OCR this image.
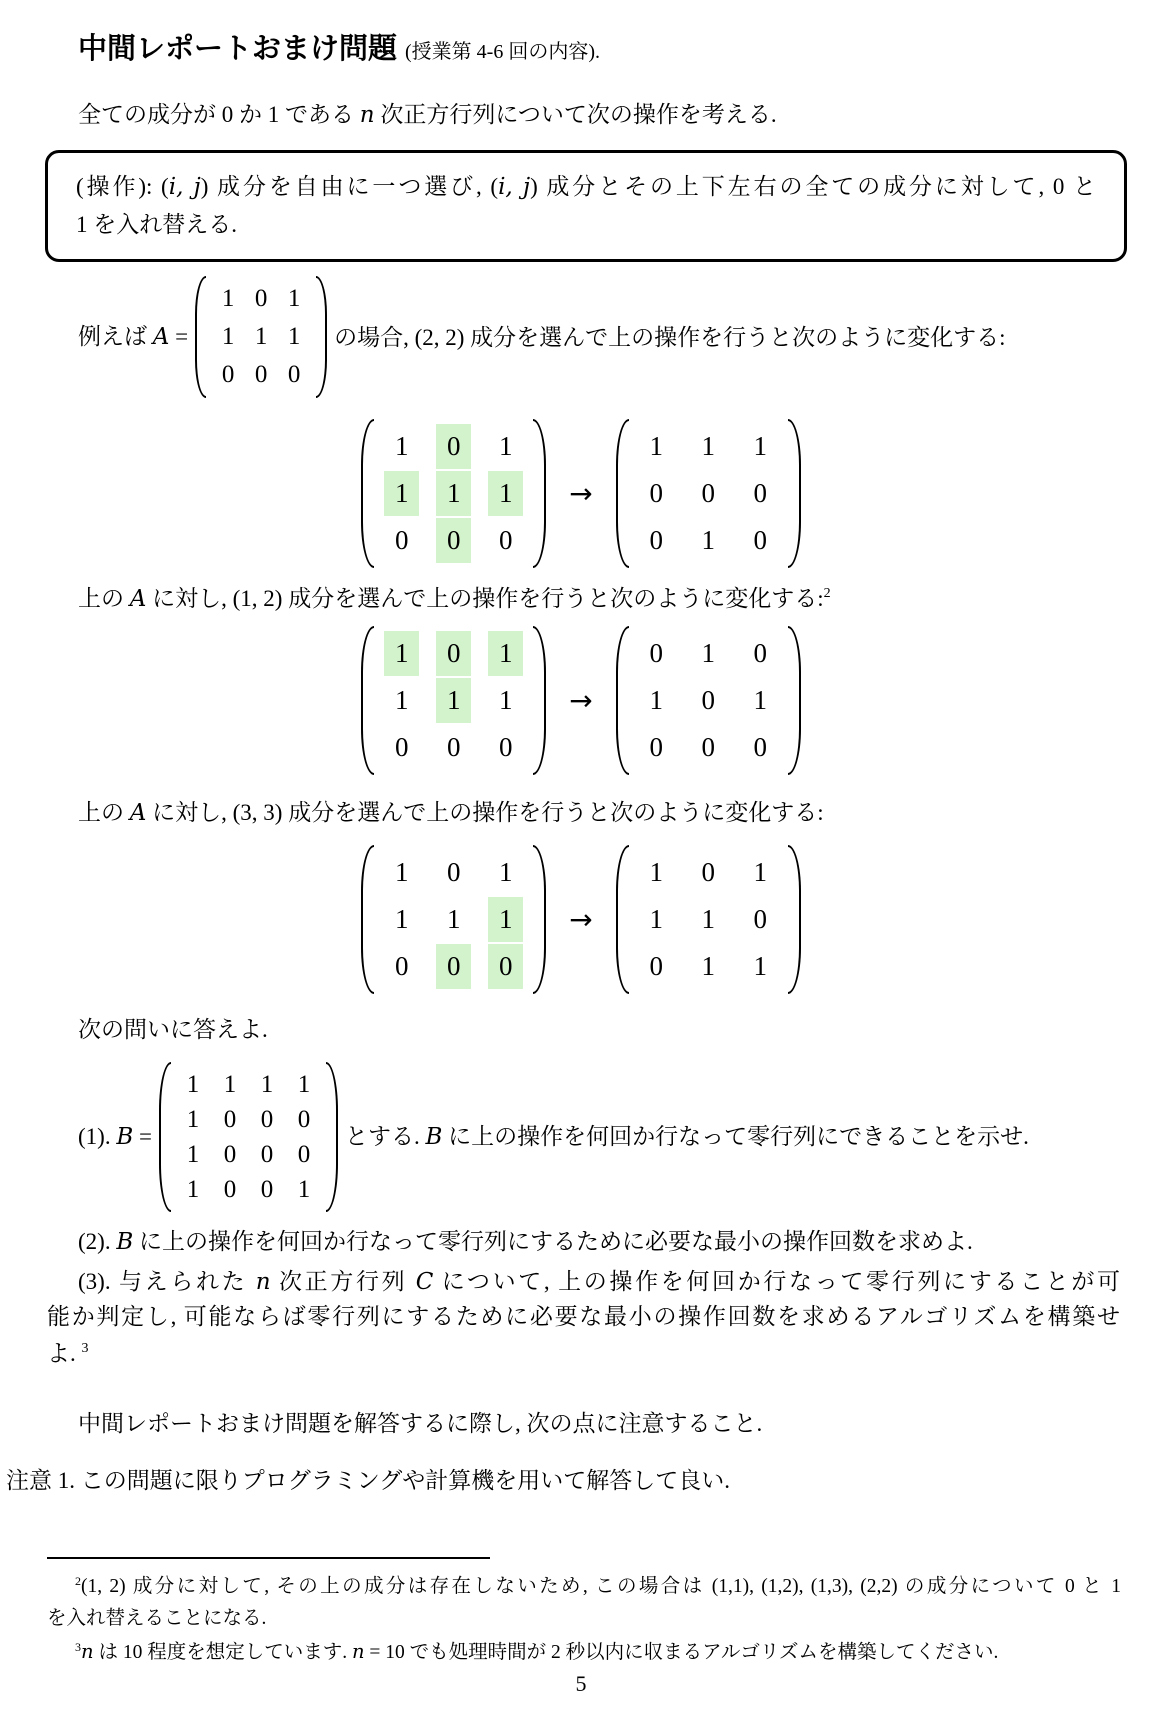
中間レポートおまけ問題 (授業第 4-6 回の内容).
全ての成分が 0 か 1 である n 次正方行列について次の操作を考える.
(操作): (i, j) 成分を自由に一つ選び, (i, j) 成分とその上下左右の全ての成分に対して, 0 と
1 を入れ替える.
例えば A =
1 0 1
1 1 1
0 0 0
の場合, (2, 2) 成分を選んで上の操作を行うと次のように変化する:
1	0	1
1	1	1
0	0	0
→
1	1	1
0	0	0
0	1	0
上の A に対し, (1, 2) 成分を選んで上の操作を行うと次のように変化する:$^2$
1	0	1
1	1	1
0	0	0
→
0	1	0
1	0	1
0	0	0
上の A に対し, (3, 3) 成分を選んで上の操作を行うと次のように変化する:
1	0	1
1	1	1
0	0	0
→
1	0	1
1	1	0
0	1	1
次の問いに答えよ.
(1). B =
1 1 1 1
1 0 0 0
1 0 0 0
1 0 0 1
とする. B に上の操作を何回か行なって零行列にできることを示せ.
(2). B に上の操作を何回か行なって零行列にするために必要な最小の操作回数を求めよ.
(3). 与えられた n 次正方行列 C について, 上の操作を何回か行なって零行列にすることが可
能か判定し, 可能ならば零行列にするために必要な最小の操作回数を求めるアルゴリズムを構築せ
よ. $^3$
中間レポートおまけ問題を解答するに際し, 次の点に注意すること.
注意 1. この問題に限りプログラミングや計算機を用いて解答して良い.
$^2$(1, 2) 成分に対して, その上の成分は存在しないため, この場合は (1,1), (1,2), (1,3), (2,2) の成分について 0 と 1
を入れ替えることになる.
$^3$n は 10 程度を想定しています. n = 10 でも処理時間が 2 秒以内に収まるアルゴリズムを構築してください.
5
